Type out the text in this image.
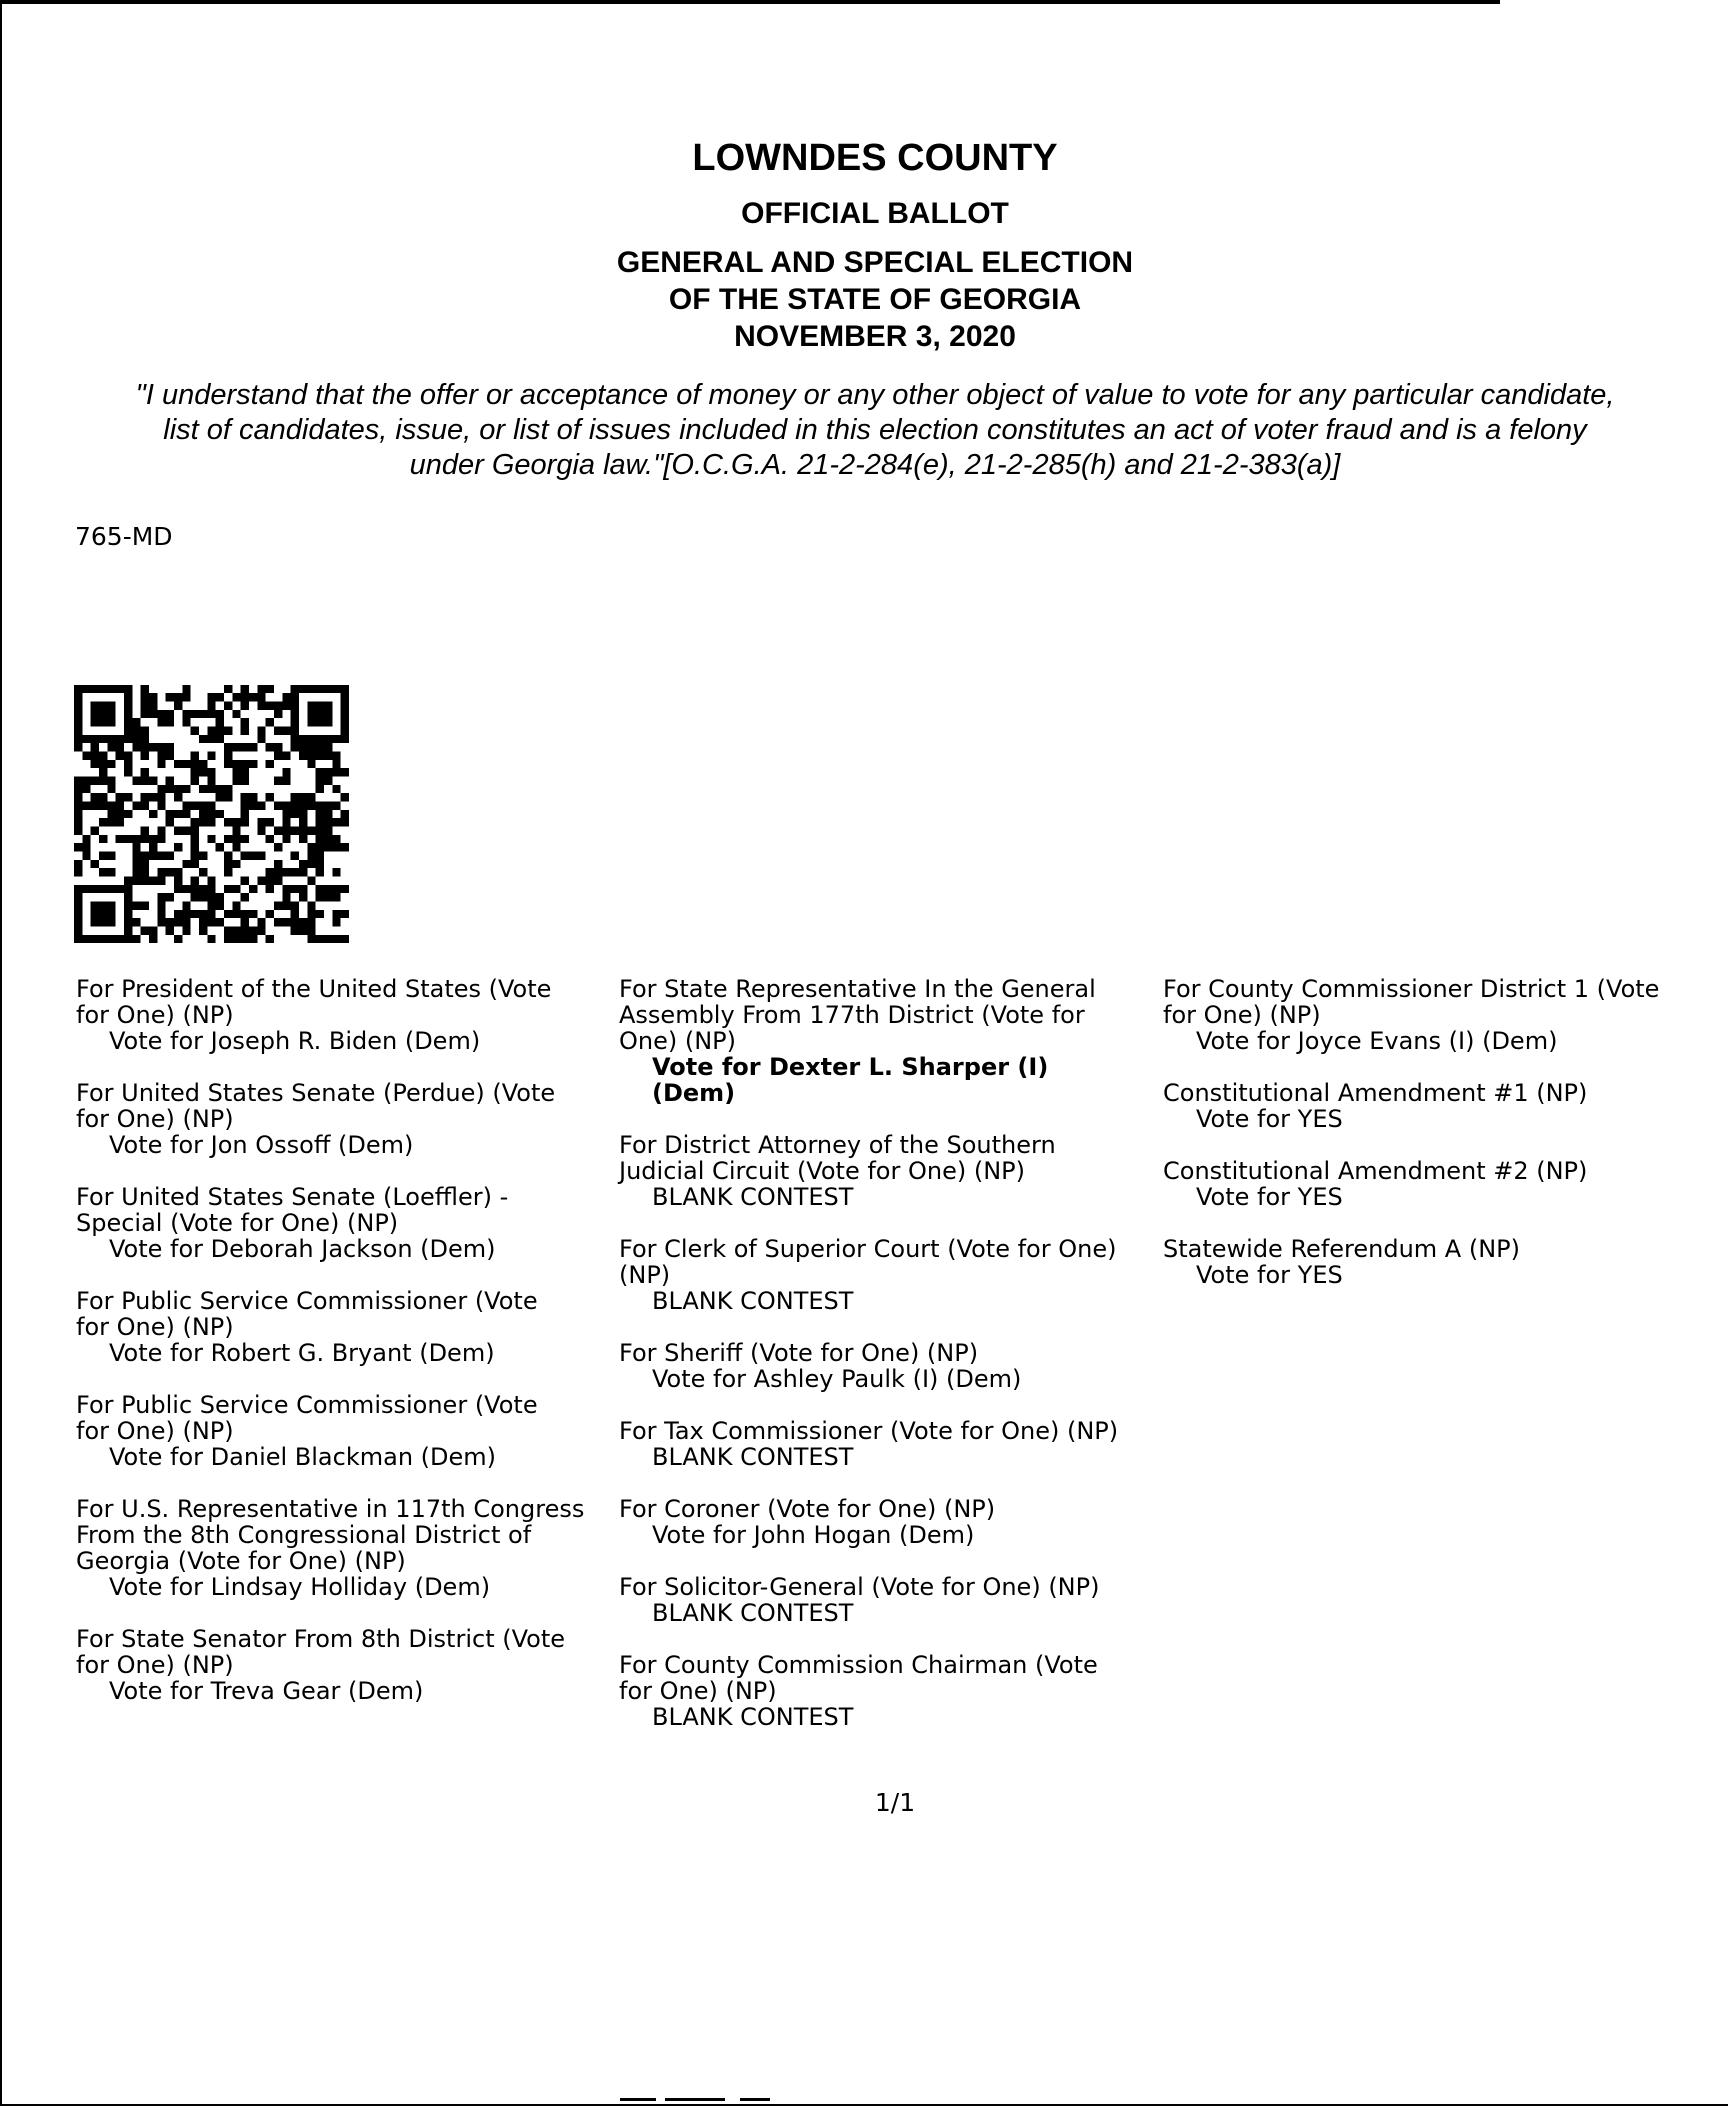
LOWNDES COUNTY
OFFICIAL BALLOT
GENERAL AND SPECIAL ELECTION
OF THE STATE OF GEORGIA
NOVEMBER 3, 2020
"I understand that the offer or acceptance of money or any other object of value to vote for any particular candidate,
list of candidates, issue, or list of issues included in this election constitutes an act of voter fraud and is a felony
under Georgia law."[O.C.G.A. 21-2-284(e), 21-2-285(h) and 21-2-383(a)]
765-MD
For President of the United States (Vote
for One) (NP)
Vote for Joseph R. Biden (Dem)
For United States Senate (Perdue) (Vote
for One) (NP)
Vote for Jon Ossoff (Dem)
For United States Senate (Loeffler) -
Special (Vote for One) (NP)
Vote for Deborah Jackson (Dem)
For Public Service Commissioner (Vote
for One) (NP)
Vote for Robert G. Bryant (Dem)
For Public Service Commissioner (Vote
for One) (NP)
Vote for Daniel Blackman (Dem)
For U.S. Representative in 117th Congress
From the 8th Congressional District of
Georgia (Vote for One) (NP)
Vote for Lindsay Holliday (Dem)
For State Senator From 8th District (Vote
for One) (NP)
Vote for Treva Gear (Dem)
For State Representative In the General
Assembly From 177th District (Vote for
One) (NP)
Vote for Dexter L. Sharper (I)
(Dem)
For District Attorney of the Southern
Judicial Circuit (Vote for One) (NP)
BLANK CONTEST
For Clerk of Superior Court (Vote for One)
(NP)
BLANK CONTEST
For Sheriff (Vote for One) (NP)
Vote for Ashley Paulk (I) (Dem)
For Tax Commissioner (Vote for One) (NP)
BLANK CONTEST
For Coroner (Vote for One) (NP)
Vote for John Hogan (Dem)
For Solicitor-General (Vote for One) (NP)
BLANK CONTEST
For County Commission Chairman (Vote
for One) (NP)
BLANK CONTEST
For County Commissioner District 1 (Vote
for One) (NP)
Vote for Joyce Evans (I) (Dem)
Constitutional Amendment #1 (NP)
Vote for YES
Constitutional Amendment #2 (NP)
Vote for YES
Statewide Referendum A (NP)
Vote for YES
1/1
